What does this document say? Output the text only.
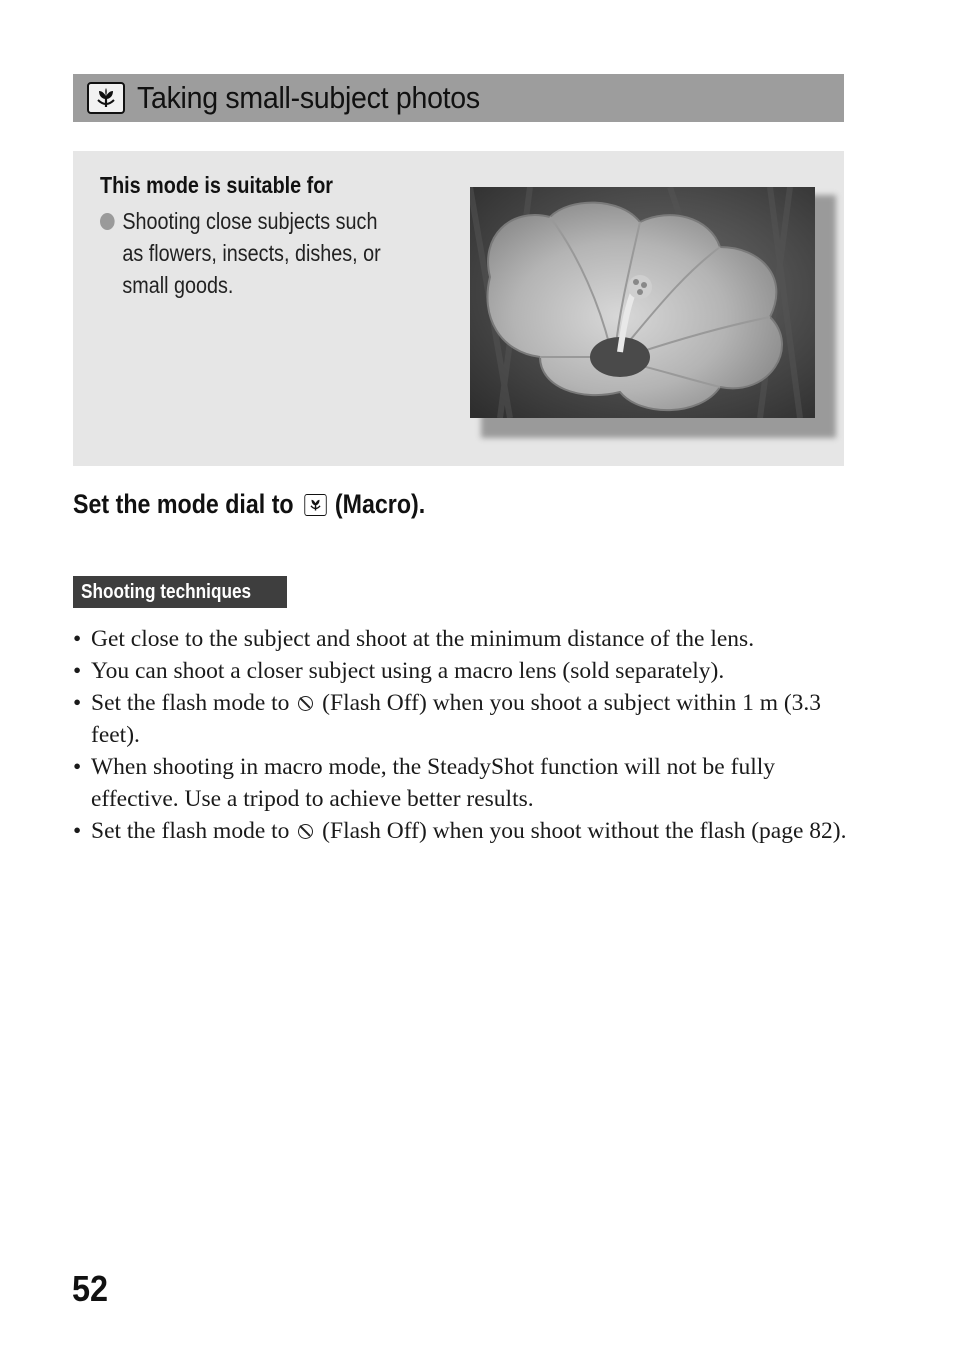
Taking small-subject photos
This mode is suitable for
Shooting close subjects such as flowers, insects, dishes, or small goods.
Set the mode dial to (Macro).
Shooting techniques
• Get close to the subject and shoot at the minimum distance of the lens.
• You can shoot a closer subject using a macro lens (sold separately).
• Set the flash mode to (Flash Off) when you shoot a subject within 1 m (3.3 feet).
• When shooting in macro mode, the SteadyShot function will not be fully effective. Use a tripod to achieve better results.
• Set the flash mode to (Flash Off) when you shoot without the flash (page 82).
52
